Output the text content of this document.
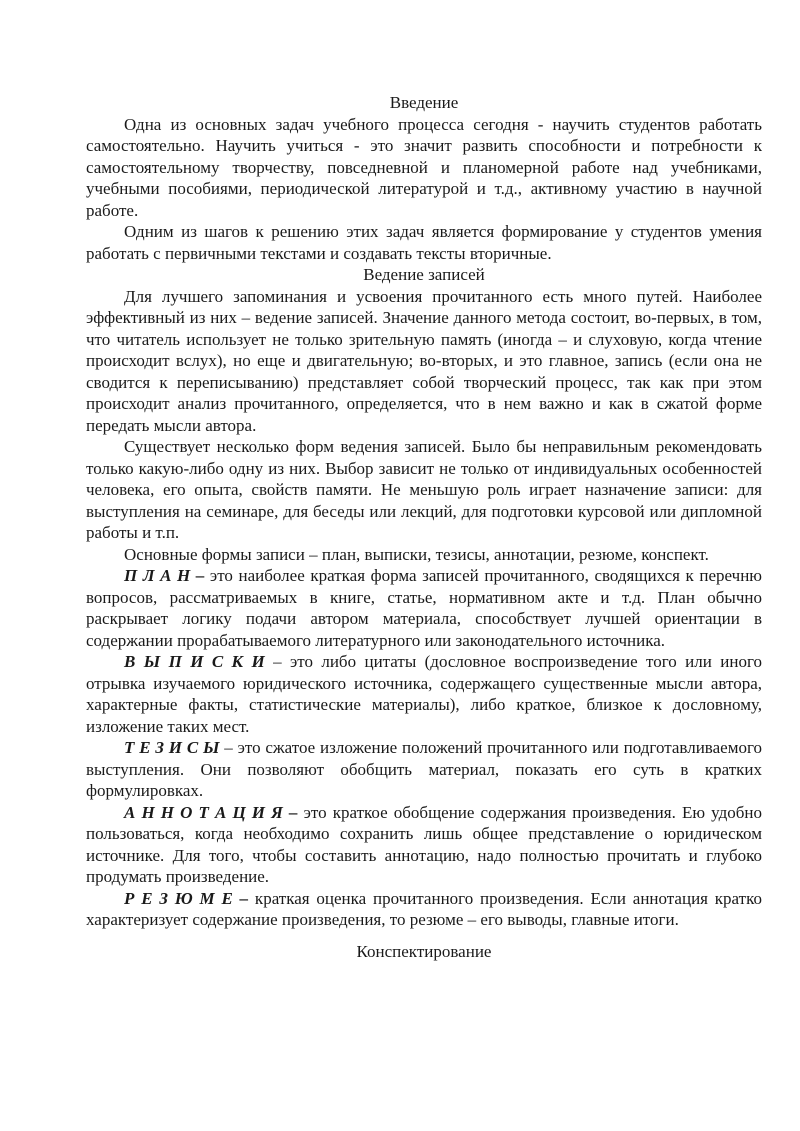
Введение

Одна из основных задач учебного процесса сегодня - научить студентов работать самостоятельно. Научить учиться - это значит развить способности и потребности к самостоятельному творчеству, повседневной и планомерной работе над учебниками, учебными пособиями, периодической литературой и т.д., активному участию в научной работе.

Одним из шагов к решению этих задач является формирование у студентов умения работать с первичными текстами и создавать тексты вторичные.

Ведение записей

Для лучшего запоминания и усвоения прочитанного есть много путей. Наиболее эффективный из них – ведение записей. Значение данного метода состоит, во-первых, в том, что читатель использует не только зрительную память (иногда – и слуховую, когда чтение происходит вслух), но еще и двигательную; во-вторых, и это главное, запись (если она не сводится к переписыванию) представляет собой творческий процесс, так как при этом происходит анализ прочитанного, определяется, что в нем важно и как в сжатой форме передать мысли автора.

Существует несколько форм ведения записей. Было бы неправильным рекомендовать только какую-либо одну из них. Выбор зависит не только от индивидуальных особенностей человека, его опыта, свойств памяти. Не меньшую роль играет назначение записи: для выступления на семинаре, для беседы или лекций, для подготовки курсовой или дипломной работы и т.п.

Основные формы записи – план, выписки, тезисы, аннотации, резюме, конспект.

П Л А Н – это наиболее краткая форма записей прочитанного, сводящихся к перечню вопросов, рассматриваемых в книге, статье, нормативном акте и т.д. План обычно раскрывает логику подачи автором материала, способствует лучшей ориентации в содержании прорабатываемого литературного или законодательного источника.

В Ы П И С К И – это либо цитаты (дословное воспроизведение того или иного отрывка изучаемого юридического источника, содержащего существенные мысли автора, характерные факты, статистические материалы), либо краткое, близкое к дословному, изложение таких мест.

Т Е З И С Ы – это сжатое изложение положений прочитанного или подготавливаемого выступления. Они позволяют обобщить материал, показать его суть в кратких формулировках.

А Н Н О Т А Ц И Я – это краткое обобщение содержания произведения. Ею удобно пользоваться, когда необходимо сохранить лишь общее представление о юридическом источнике. Для того, чтобы составить аннотацию, надо полностью прочитать и глубоко продумать произведение.

Р Е З Ю М Е – краткая оценка прочитанного произведения. Если аннотация кратко характеризует содержание произведения, то резюме – его выводы, главные итоги.

Конспектирование
